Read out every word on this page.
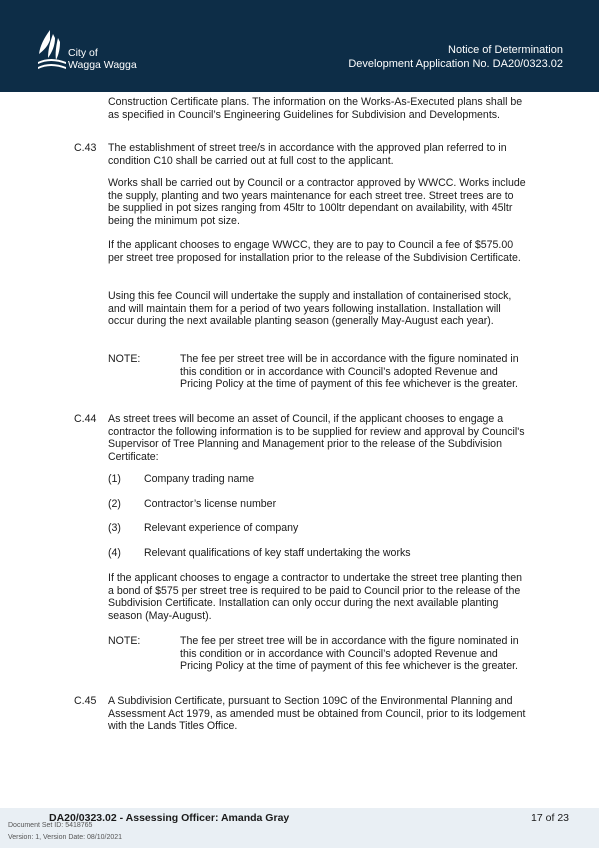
City of
Wagga Wagga
Notice of Determination
Development Application No. DA20/0323.02
Construction Certificate plans. The information on the Works-As-Executed plans shall be as specified in Council’s Engineering Guidelines for Subdivision and Developments.
C.43 The establishment of street tree/s in accordance with the approved plan referred to in condition C10 shall be carried out at full cost to the applicant.
Works shall be carried out by Council or a contractor approved by WWCC. Works include the supply, planting and two years maintenance for each street tree. Street trees are to be supplied in pot sizes ranging from 45ltr to 100ltr dependant on availability, with 45ltr being the minimum pot size.
If the applicant chooses to engage WWCC, they are to pay to Council a fee of $575.00 per street tree proposed for installation prior to the release of the Subdivision Certificate.
Using this fee Council will undertake the supply and installation of containerised stock, and will maintain them for a period of two years following installation. Installation will occur during the next available planting season (generally May-August each year).
NOTE:	The fee per street tree will be in accordance with the figure nominated in this condition or in accordance with Council’s adopted Revenue and Pricing Policy at the time of payment of this fee whichever is the greater.
C.44 As street trees will become an asset of Council, if the applicant chooses to engage a contractor the following information is to be supplied for review and approval by Council's Supervisor of Tree Planning and Management prior to the release of the Subdivision Certificate:
(1) Company trading name
(2) Contractor’s license number
(3) Relevant experience of company
(4) Relevant qualifications of key staff undertaking the works
If the applicant chooses to engage a contractor to undertake the street tree planting then a bond of $575 per street tree is required to be paid to Council prior to the release of the Subdivision Certificate. Installation can only occur during the next available planting season (May-August).
NOTE:	The fee per street tree will be in accordance with the figure nominated in this condition or in accordance with Council’s adopted Revenue and Pricing Policy at the time of payment of this fee whichever is the greater.
C.45 A Subdivision Certificate, pursuant to Section 109C of the Environmental Planning and Assessment Act 1979, as amended must be obtained from Council, prior to its lodgement with the Lands Titles Office.
Document Set ID: 5418765
DA20/0323.02 - Assessing Officer: Amanda Gray	17 of 23
Version: 1, Version Date: 08/10/2021
